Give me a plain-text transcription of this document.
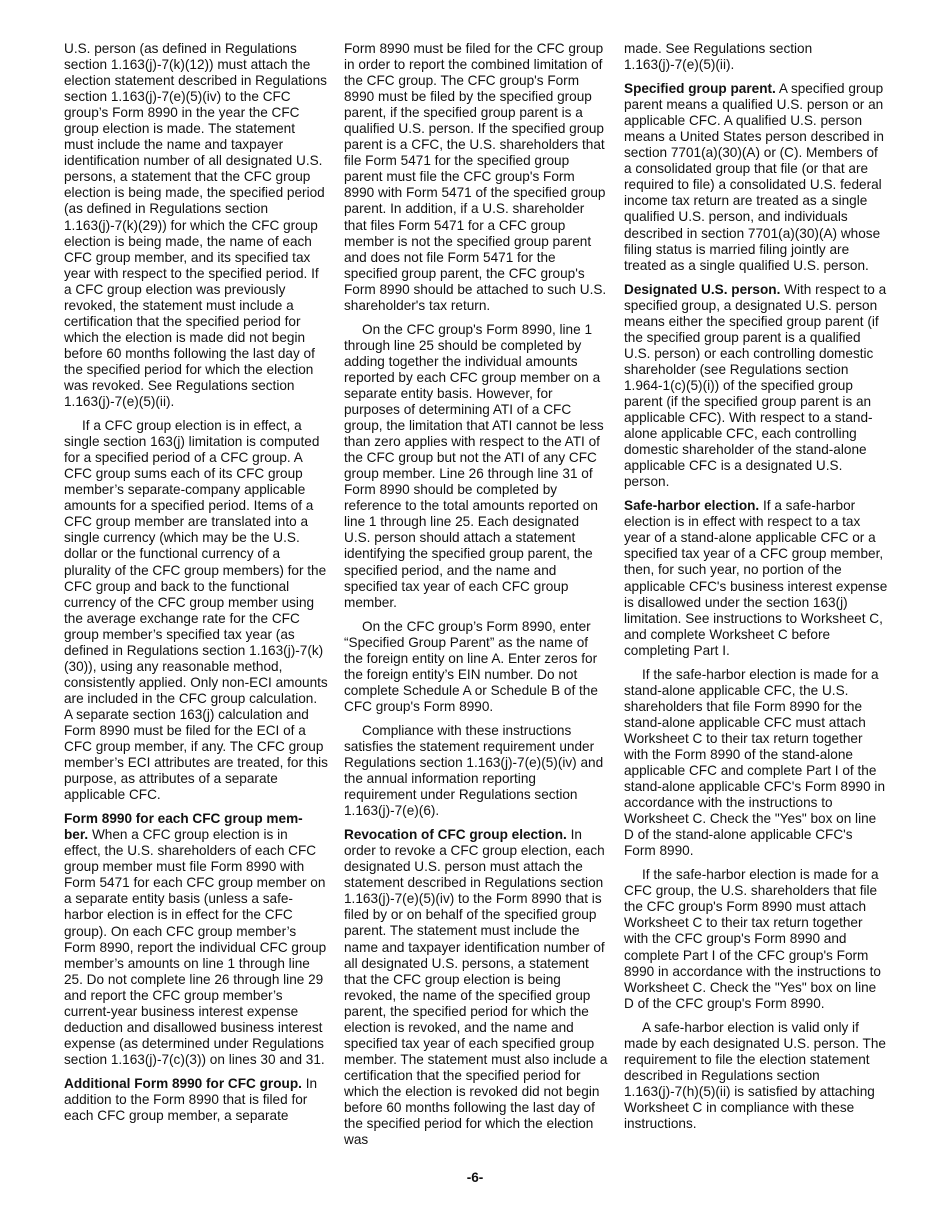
U.S. person (as defined in Regulations section 1.163(j)-7(k)(12)) must attach the election statement described in Regulations section 1.163(j)-7(e)(5)(iv) to the CFC group’s Form 8990 in the year the CFC group election is made. The statement must include the name and taxpayer identification number of all designated U.S. persons, a statement that the CFC group election is being made, the specified period (as defined in Regulations section 1.163(j)-7(k)(29)) for which the CFC group election is being made, the name of each CFC group member, and its specified tax year with respect to the specified period. If a CFC group election was previously revoked, the statement must include a certification that the specified period for which the election is made did not begin before 60 months following the last day of the specified period for which the election was revoked. See Regulations section 1.163(j)-7(e)(5)(ii).

If a CFC group election is in effect, a single section 163(j) limitation is computed for a specified period of a CFC group. A CFC group sums each of its CFC group member’s separate-company applicable amounts for a specified period. Items of a CFC group member are translated into a single currency (which may be the U.S. dollar or the functional currency of a plurality of the CFC group members) for the CFC group and back to the functional currency of the CFC group member using the average exchange rate for the CFC group member’s specified tax year (as defined in Regulations section 1.163(j)-7(k)(30)), using any reasonable method, consistently applied. Only non-ECI amounts are included in the CFC group calculation. A separate section 163(j) calculation and Form 8990 must be filed for the ECI of a CFC group member, if any. The CFC group member’s ECI attributes are treated, for this purpose, as attributes of a separate applicable CFC.

Form 8990 for each CFC group mem- ber. When a CFC group election is in effect, the U.S. shareholders of each CFC group member must file Form 8990 with Form 5471 for each CFC group member on a separate entity basis (unless a safe-harbor election is in effect for the CFC group). On each CFC group member’s Form 8990, report the individual CFC group member’s amounts on line 1 through line 25. Do not complete line 26 through line 29 and report the CFC group member’s current-year business interest expense deduction and disallowed business interest expense (as determined under Regulations section 1.163(j)-7(c)(3)) on lines 30 and 31.

Additional Form 8990 for CFC group. In addition to the Form 8990 that is filed for each CFC group member, a separate

Form 8990 must be filed for the CFC group in order to report the combined limitation of the CFC group. The CFC group's Form 8990 must be filed by the specified group parent, if the specified group parent is a qualified U.S. person. If the specified group parent is a CFC, the U.S. shareholders that file Form 5471 for the specified group parent must file the CFC group's Form 8990 with Form 5471 of the specified group parent. In addition, if a U.S. shareholder that files Form 5471 for a CFC group member is not the specified group parent and does not file Form 5471 for the specified group parent, the CFC group's Form 8990 should be attached to such U.S. shareholder's tax return.

On the CFC group's Form 8990, line 1 through line 25 should be completed by adding together the individual amounts reported by each CFC group member on a separate entity basis. However, for purposes of determining ATI of a CFC group, the limitation that ATI cannot be less than zero applies with respect to the ATI of the CFC group but not the ATI of any CFC group member. Line 26 through line 31 of Form 8990 should be completed by reference to the total amounts reported on line 1 through line 25. Each designated U.S. person should attach a statement identifying the specified group parent, the specified period, and the name and specified tax year of each CFC group member.

On the CFC group’s Form 8990, enter “Specified Group Parent” as the name of the foreign entity on line A. Enter zeros for the foreign entity’s EIN number. Do not complete Schedule A or Schedule B of the CFC group's Form 8990.

Compliance with these instructions satisfies the statement requirement under Regulations section 1.163(j)-7(e)(5)(iv) and the annual information reporting requirement under Regulations section 1.163(j)-7(e)(6).

Revocation of CFC group election. In order to revoke a CFC group election, each designated U.S. person must attach the statement described in Regulations section 1.163(j)-7(e)(5)(iv) to the Form 8990 that is filed by or on behalf of the specified group parent. The statement must include the name and taxpayer identification number of all designated U.S. persons, a statement that the CFC group election is being revoked, the name of the specified group parent, the specified period for which the election is revoked, and the name and specified tax year of each specified group member. The statement must also include a certification that the specified period for which the election is revoked did not begin before 60 months following the last day of the specified period for which the election was

made. See Regulations section 1.163(j)-7(e)(5)(ii).

Specified group parent. A specified group parent means a qualified U.S. person or an applicable CFC. A qualified U.S. person means a United States person described in section 7701(a)(30)(A) or (C). Members of a consolidated group that file (or that are required to file) a consolidated U.S. federal income tax return are treated as a single qualified U.S. person, and individuals described in section 7701(a)(30)(A) whose filing status is married filing jointly are treated as a single qualified U.S. person.

Designated U.S. person. With respect to a specified group, a designated U.S. person means either the specified group parent (if the specified group parent is a qualified U.S. person) or each controlling domestic shareholder (see Regulations section 1.964-1(c)(5)(i)) of the specified group parent (if the specified group parent is an applicable CFC). With respect to a stand-alone applicable CFC, each controlling domestic shareholder of the stand-alone applicable CFC is a designated U.S. person.

Safe-harbor election. If a safe-harbor election is in effect with respect to a tax year of a stand-alone applicable CFC or a specified tax year of a CFC group member, then, for such year, no portion of the applicable CFC's business interest expense is disallowed under the section 163(j) limitation. See instructions to Worksheet C, and complete Worksheet C before completing Part I.

If the safe-harbor election is made for a stand-alone applicable CFC, the U.S. shareholders that file Form 8990 for the stand-alone applicable CFC must attach Worksheet C to their tax return together with the Form 8990 of the stand-alone applicable CFC and complete Part I of the stand-alone applicable CFC's Form 8990 in accordance with the instructions to Worksheet C. Check the "Yes" box on line D of the stand-alone applicable CFC's Form 8990.

If the safe-harbor election is made for a CFC group, the U.S. shareholders that file the CFC group's Form 8990 must attach Worksheet C to their tax return together with the CFC group's Form 8990 and complete Part I of the CFC group's Form 8990 in accordance with the instructions to Worksheet C. Check the "Yes" box on line D of the CFC group's Form 8990.

A safe-harbor election is valid only if made by each designated U.S. person. The requirement to file the election statement described in Regulations section 1.163(j)-7(h)(5)(ii) is satisfied by attaching Worksheet C in compliance with these instructions.

-6-
